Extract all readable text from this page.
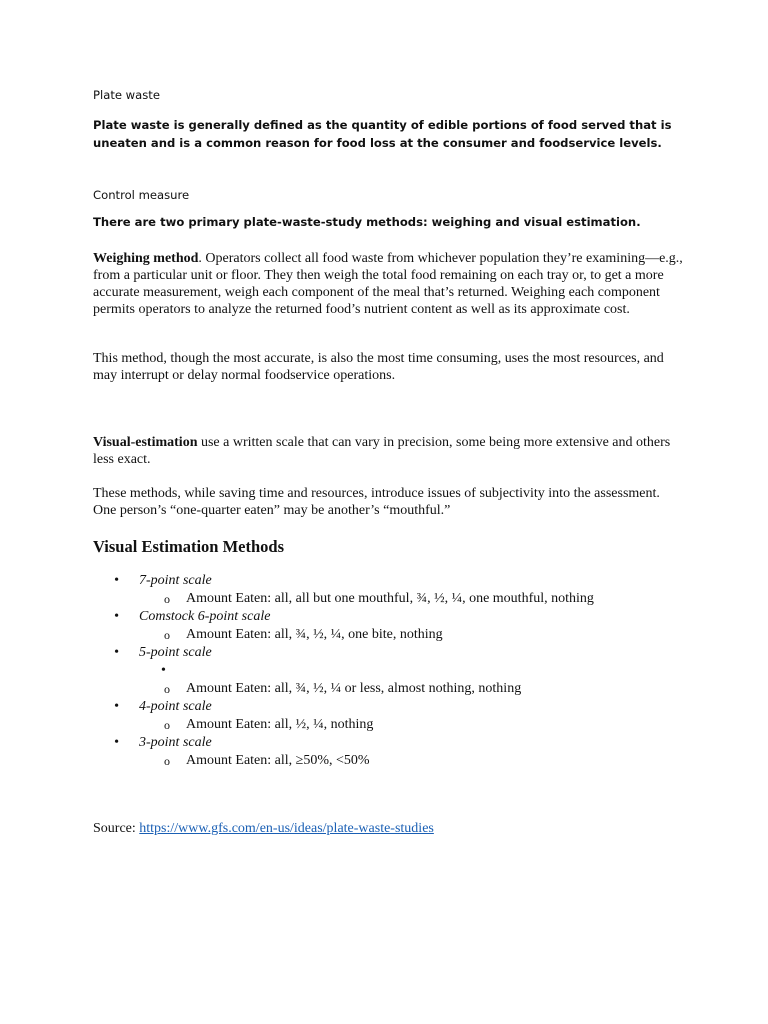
Plate waste
Plate waste is generally defined as the quantity of edible portions of food served that is uneaten and is a common reason for food loss at the consumer and foodservice levels.
Control measure
There are two primary plate-waste-study methods: weighing and visual estimation.

Weighing method. Operators collect all food waste from whichever population they’re examining—e.g., from a particular unit or floor. They then weigh the total food remaining on each tray or, to get a more accurate measurement, weigh each component of the meal that’s returned. Weighing each component permits operators to analyze the returned food’s nutrient content as well as its approximate cost.

This method, though the most accurate, is also the most time consuming, uses the most resources, and may interrupt or delay normal foodservice operations.

Visual-estimation use a written scale that can vary in precision, some being more extensive and others less exact.

These methods, while saving time and resources, introduce issues of subjectivity into the assessment. One person’s “one-quarter eaten” may be another’s “mouthful.”

Visual Estimation Methods
• 7-point scale
o Amount Eaten: all, all but one mouthful, ¾, ½, ¼, one mouthful, nothing
• Comstock 6-point scale
o Amount Eaten: all, ¾, ½, ¼, one bite, nothing
• 5-point scale
•
o Amount Eaten: all, ¾, ½, ¼ or less, almost nothing, nothing
• 4-point scale
o Amount Eaten: all, ½, ¼, nothing
• 3-point scale
o Amount Eaten: all, ≥50%, <50%

Source: https://www.gfs.com/en-us/ideas/plate-waste-studies
